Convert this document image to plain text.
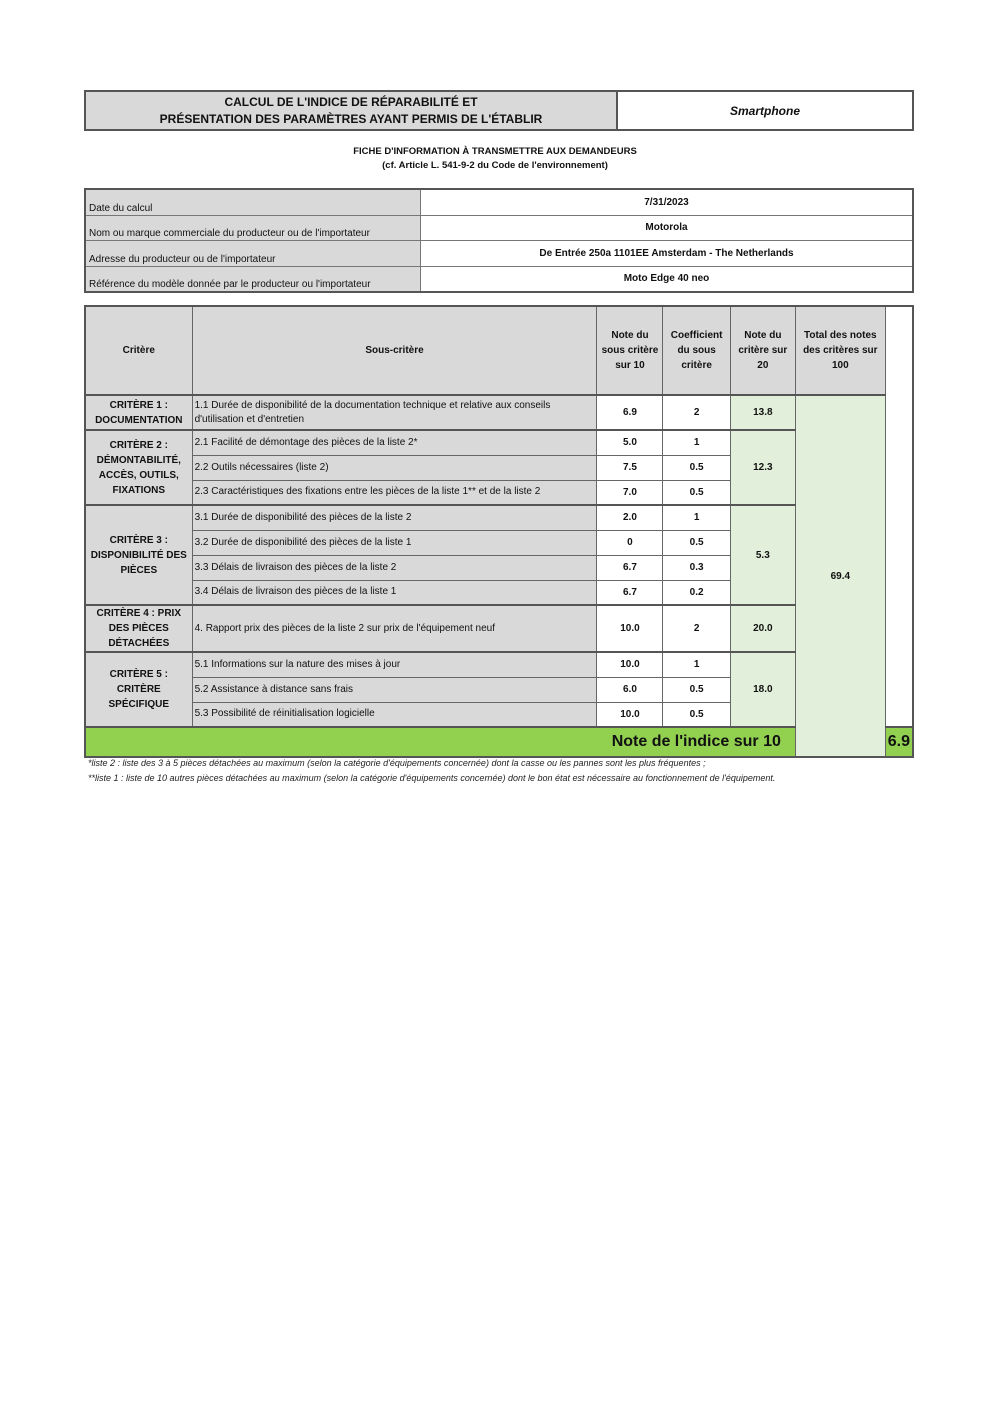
CALCUL DE L'INDICE DE RÉPARABILITÉ ET
PRÉSENTATION DES PARAMÈTRES AYANT PERMIS DE L'ÉTABLIR
Smartphone
FICHE D'INFORMATION À TRANSMETTRE AUX DEMANDEURS
(cf. Article L. 541-9-2 du Code de l'environnement)
Date du calcul	7/31/2023
Nom ou marque commerciale du producteur ou de l'importateur	Motorola
Adresse du producteur ou de l'importateur	De Entrée 250a 1101EE Amsterdam - The Netherlands
Référence du modèle donnée par le producteur ou l'importateur	Moto Edge 40 neo
Critère	Sous-critère	Note du sous critère sur 10	Coefficient du sous critère	Note du critère sur 20	Total des notes des critères sur 100	
CRITÈRE 1 : DOCUMENTATION	1.1 Durée de disponibilité de la documentation technique et relative aux conseils d'utilisation et d'entretien	6.9	2	13.8	69.4	
CRITÈRE 2 : DÉMONTABILITÉ, ACCÈS, OUTILS, FIXATIONS	2.1 Facilité de démontage des pièces de la liste 2*	5.0	1	12.3		
	2.2 Outils nécessaires (liste 2)	7.5	0.5			
	2.3 Caractéristiques des fixations entre les pièces de la liste 1** et de la liste 2	7.0	0.5			
CRITÈRE 3 : DISPONIBILITÉ DES PIÈCES	3.1 Durée de disponibilité des pièces de la liste 2	2.0	1	5.3		
	3.2 Durée de disponibilité des pièces de la liste 1	0	0.5			
	3.3 Délais de livraison des pièces de la liste 2	6.7	0.3			
	3.4 Délais de livraison des pièces de la liste 1	6.7	0.2			
CRITÈRE 4 : PRIX DES PIÈCES DÉTACHÉES	4. Rapport prix des pièces de la liste 2 sur prix de l'équipement neuf	10.0	2	20.0		
CRITÈRE 5 : CRITÈRE SPÉCIFIQUE	5.1 Informations sur la nature des mises à jour	10.0	1	18.0		
	5.2 Assistance à distance sans frais	6.0	0.5			
	5.3 Possibilité de réinitialisation logicielle	10.0	0.5			
Note de l'indice sur 10						6.9
*liste 2 : liste des 3 à 5 pièces détachées au maximum (selon la catégorie d'équipements concernée) dont la casse ou les pannes sont les plus fréquentes ;
**liste 1 : liste de 10 autres pièces détachées au maximum (selon la catégorie d'équipements concernée) dont le bon état est nécessaire au fonctionnement de l'équipement.
